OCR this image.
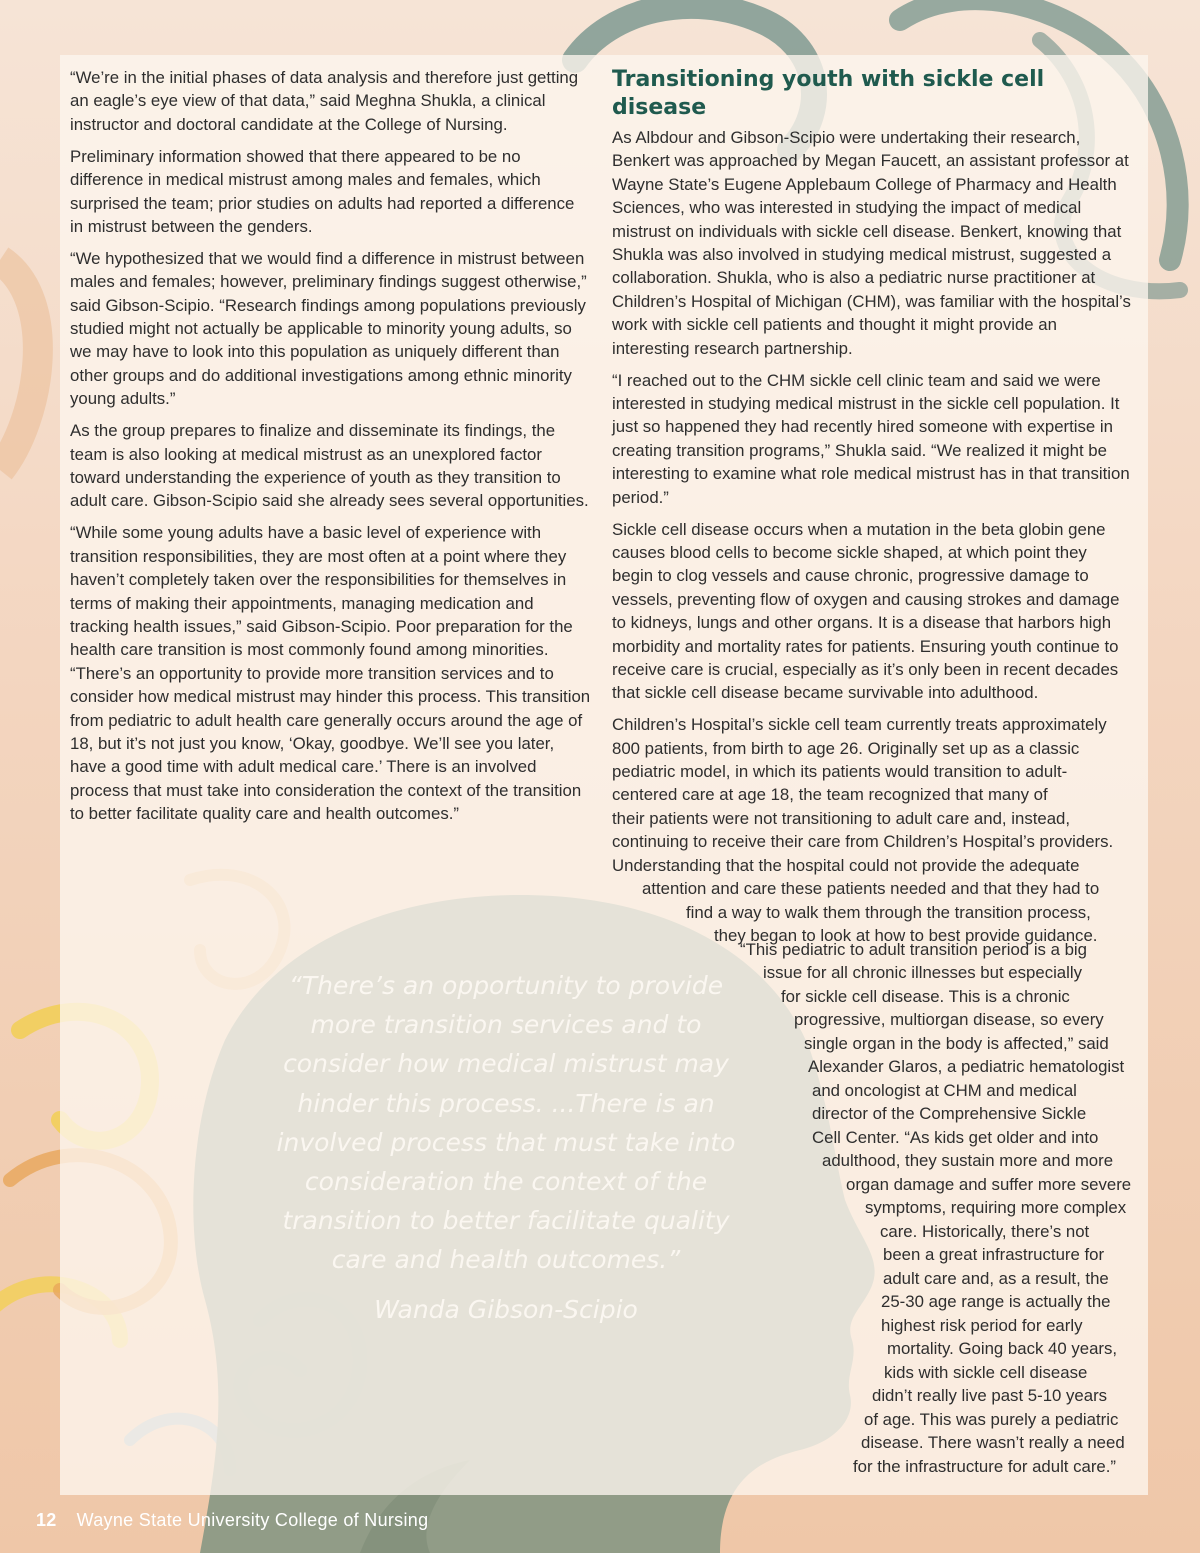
“We’re in the initial phases of data analysis and therefore just getting an eagle’s eye view of that data,” said Meghna Shukla, a clinical instructor and doctoral candidate at the College of Nursing.

Preliminary information showed that there appeared to be no difference in medical mistrust among males and females, which surprised the team; prior studies on adults had reported a difference in mistrust between the genders.

“We hypothesized that we would find a difference in mistrust between males and females; however, preliminary findings suggest otherwise,” said Gibson-Scipio. “Research findings among populations previously studied might not actually be applicable to minority young adults, so we may have to look into this population as uniquely different than other groups and do additional investigations among ethnic minority young adults.”

As the group prepares to finalize and disseminate its findings, the team is also looking at medical mistrust as an unexplored factor toward understanding the experience of youth as they transition to adult care. Gibson-Scipio said she already sees several opportunities.

“While some young adults have a basic level of experience with transition responsibilities, they are most often at a point where they haven’t completely taken over the responsibilities for themselves in terms of making their appointments, managing medication and tracking health issues,” said Gibson-Scipio. Poor preparation for the health care transition is most commonly found among minorities. “There’s an opportunity to provide more transition services and to consider how medical mistrust may hinder this process. This transition from pediatric to adult health care generally occurs around the age of 18, but it’s not just you know, ‘Okay, goodbye. We’ll see you later, have a good time with adult medical care.’ There is an involved process that must take into consideration the context of the transition to better facilitate quality care and health outcomes.”

Transitioning youth with sickle cell disease

As Albdour and Gibson-Scipio were undertaking their research, Benkert was approached by Megan Faucett, an assistant professor at Wayne State’s Eugene Applebaum College of Pharmacy and Health Sciences, who was interested in studying the impact of medical mistrust on individuals with sickle cell disease. Benkert, knowing that Shukla was also involved in studying medical mistrust, suggested a collaboration. Shukla, who is also a pediatric nurse practitioner at Children’s Hospital of Michigan (CHM), was familiar with the hospital’s work with sickle cell patients and thought it might provide an interesting research partnership.

“I reached out to the CHM sickle cell clinic team and said we were interested in studying medical mistrust in the sickle cell population. It just so happened they had recently hired someone with expertise in creating transition programs,” Shukla said. “We realized it might be interesting to examine what role medical mistrust has in that transition period.”

Sickle cell disease occurs when a mutation in the beta globin gene causes blood cells to become sickle shaped, at which point they begin to clog vessels and cause chronic, progressive damage to vessels, preventing flow of oxygen and causing strokes and damage to kidneys, lungs and other organs. It is a disease that harbors high morbidity and mortality rates for patients. Ensuring youth continue to receive care is crucial, especially as it’s only been in recent decades that sickle cell disease became survivable into adulthood.

Children’s Hospital’s sickle cell team currently treats approximately
800 patients, from birth to age 26. Originally set up as a classic
pediatric model, in which its patients would transition to adult-
centered care at age 18, the team recognized that many of
their patients were not transitioning to adult care and, instead,
continuing to receive their care from Children’s Hospital’s providers.
Understanding that the hospital could not provide the adequate
attention and care these patients needed and that they had to
find a way to walk them through the transition process,
they began to look at how to best provide guidance.

“This pediatric to adult transition period is a big
issue for all chronic illnesses but especially
for sickle cell disease. This is a chronic
progressive, multiorgan disease, so every
single organ in the body is affected,” said
Alexander Glaros, a pediatric hematologist
and oncologist at CHM and medical
director of the Comprehensive Sickle
Cell Center. “As kids get older and into
adulthood, they sustain more and more
organ damage and suffer more severe
symptoms, requiring more complex
care. Historically, there’s not
been a great infrastructure for
adult care and, as a result, the
25-30 age range is actually the
highest risk period for early
mortality. Going back 40 years,
kids with sickle cell disease
didn’t really live past 5-10 years
of age. This was purely a pediatric
disease. There wasn’t really a need
for the infrastructure for adult care.”
“There’s an opportunity to provide
more transition services and to
consider how medical mistrust may
hinder this process. ...There is an
involved process that must take into
consideration the context of the
transition to better facilitate quality
care and health outcomes.”
Wanda Gibson-Scipio
12 Wayne State University College of Nursing
